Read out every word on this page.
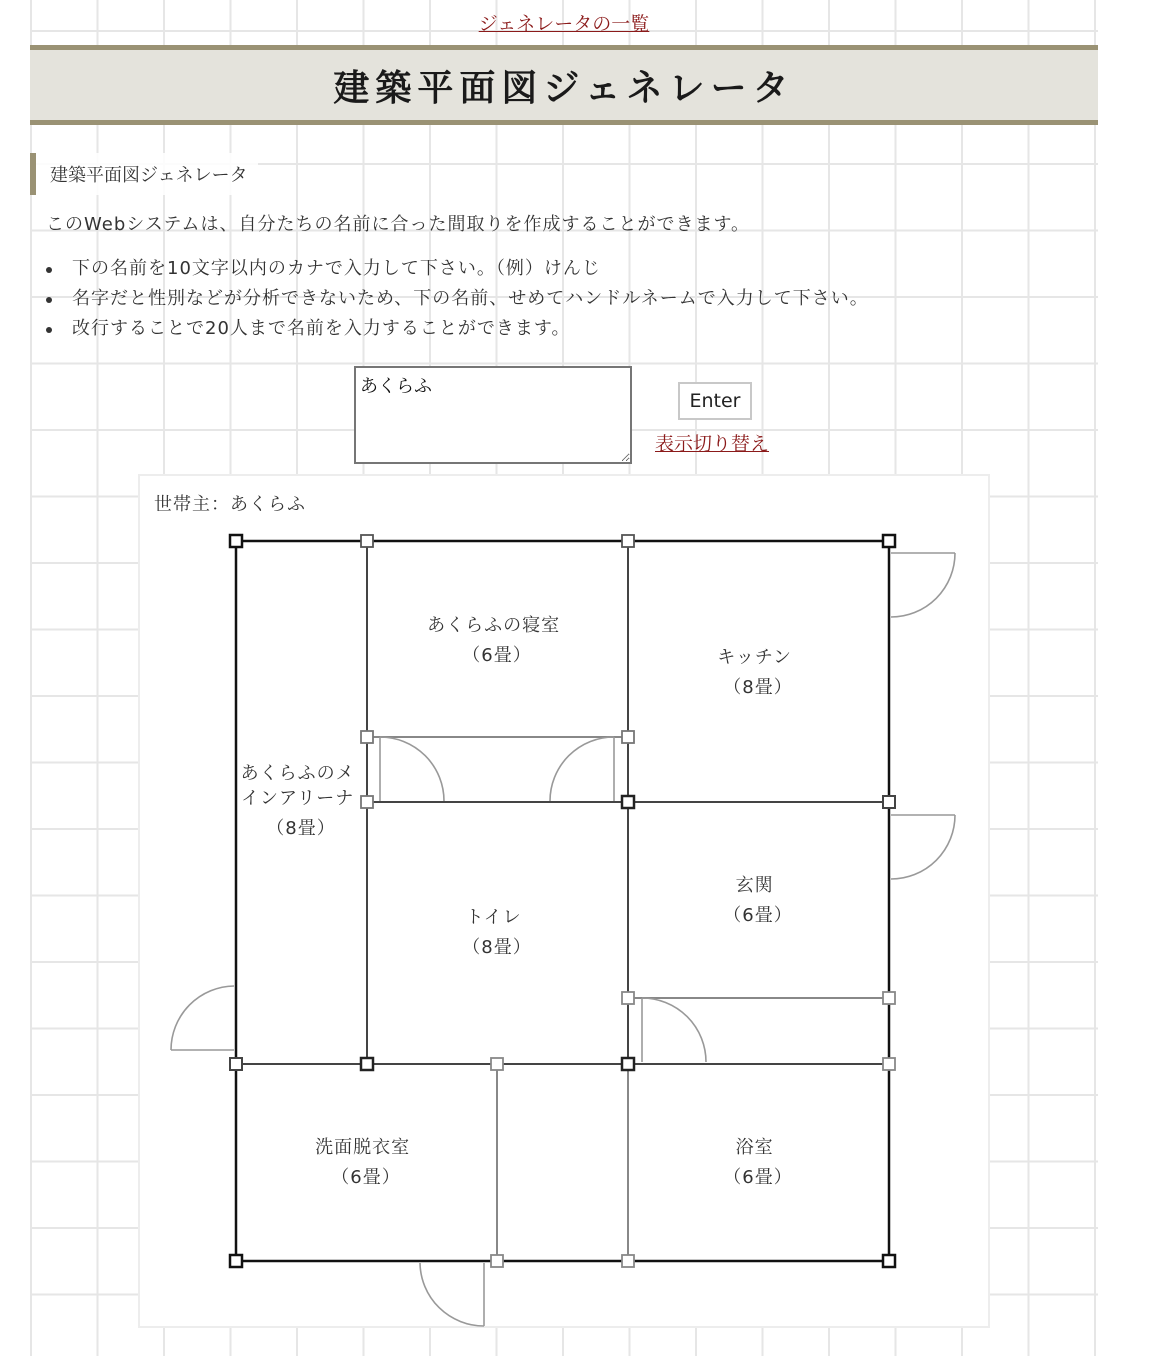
ジェネレータの一覧
建築平面図ジェネレータ
建築平面図ジェネレータ
このWebシステムは、自分たちの名前に合った間取りを作成することができます。
下の名前を10文字以内のカナで入力して下さい。（例）けんじ
名字だと性別などが分析できないため、下の名前、せめてハンドルネームで入力して下さい。
改行することで20人まで名前を入力することができます。
あくらふ
Enter
表示切り替え
世帯主：あくらふ
あくらふの寝室 （6畳）	キッチン （8畳）
あくらふのメ インアリーナ （8畳）
玄関 （6畳）
トイレ （8畳）
洗面脱衣室 （6畳）
浴室 （6畳）
